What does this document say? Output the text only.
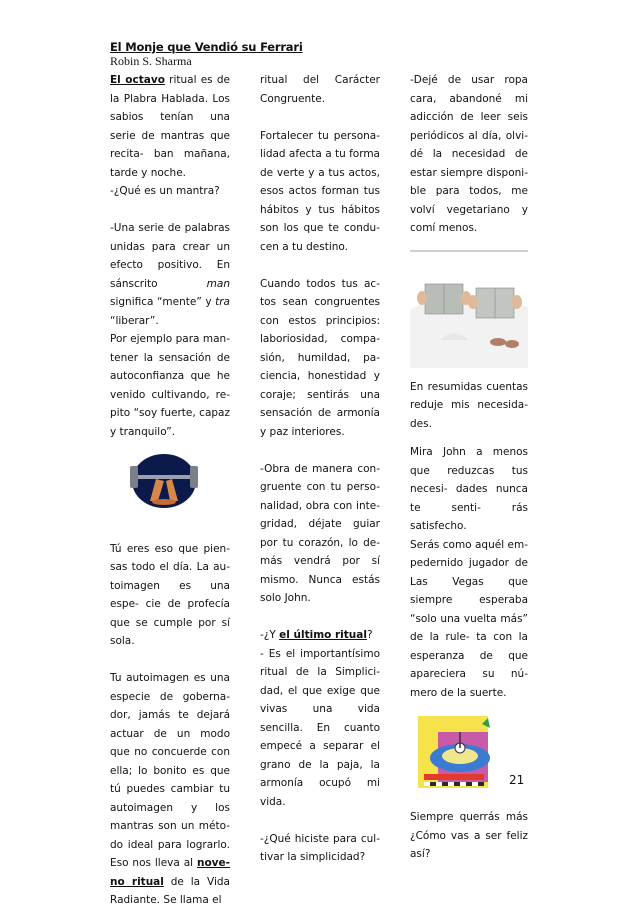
El Monje que Vendió su Ferrari
Robin S. Sharma

El octavo ritual es de la Plabra Hablada. Los sabios tenían una serie de mantras que recita- ban mañana, tarde y noche.

-¿Qué es un mantra?

-Una serie de palabras unidas para crear un efecto positivo. En sánscrito man significa “mente” y tra “liberar”.

Por ejemplo para man- tener la sensación de autoconfianza que he venido cultivando, re- pito “soy fuerte, capaz y tranquilo”.

Tú eres eso que pien- sas todo el día. La au- toimagen es una espe- cie de profecía que se cumple por sí sola.

Tu autoimagen es una especie de goberna- dor, jamás te dejará actuar de un modo que no concuerde con ella; lo bonito es que tú puedes cambiar tu autoimagen y los mantras son un méto- do ideal para lograrlo. Eso nos lleva al nove- no ritual de la Vida Radiante. Se llama el

ritual del Carácter Congruente.

Fortalecer tu persona- lidad afecta a tu forma de verte y a tus actos, esos actos forman tus hábitos y tus hábitos son los que te condu- cen a tu destino.

Cuando todos tus ac- tos sean congruentes con estos principios: laboriosidad, compa- sión, humildad, pa- ciencia, honestidad y coraje; sentirás una sensación de armonía y paz interiores.

-Obra de manera con- gruente con tu perso- nalidad, obra con inte- gridad, déjate guiar por tu corazón, lo de- más vendrá por sí mismo. Nunca estás solo John.

-¿Y el último ritual?

- Es el importantísimo ritual de la Simplici- dad, el que exige que vivas una vida sencilla. En cuanto empecé a separar el grano de la paja, la armonía ocupó mi vida.

-¿Qué hiciste para cul- tivar la simplicidad?

-Dejé de usar ropa cara, abandoné mi adicción de leer seis periódicos al día, olvi- dé la necesidad de estar siempre disponi- ble para todos, me volví vegetariano y comí menos.

En resumidas cuentas reduje mis necesida- des.

Mira John a menos que reduzcas tus necesi- dades nunca te senti- rás satisfecho.

Serás como aquél em- pedernido jugador de Las Vegas que siempre esperaba “solo una vuelta más” de la rule- ta con la esperanza de que apareciera su nú- mero de la suerte.

Siempre querrás más ¿Cómo vas a ser feliz así?

21
